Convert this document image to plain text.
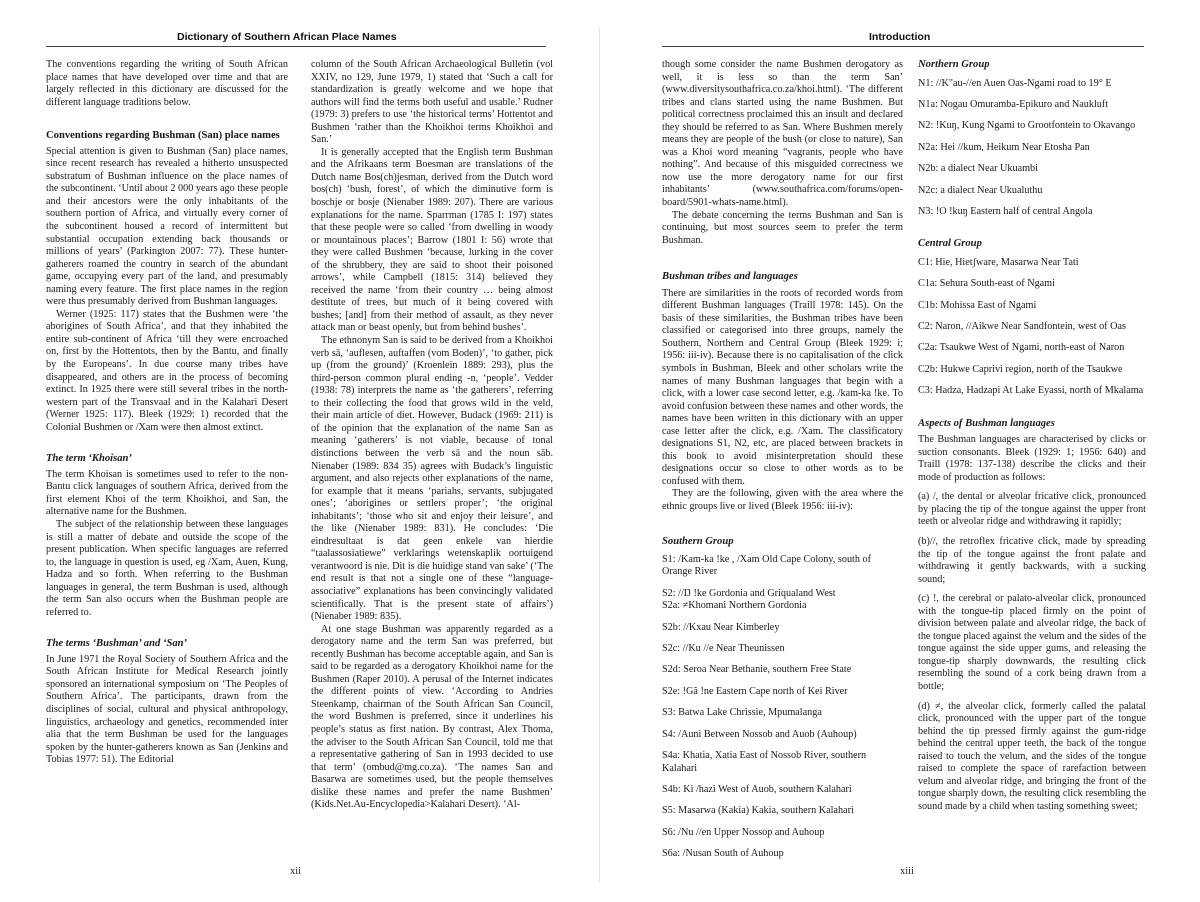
Dictionary of Southern African Place Names

The conventions regarding the writing of South African place names that have developed over time and that are largely reflected in this dictionary are discussed for the different language traditions below.

Conventions regarding Bushman (San) place names

Special attention is given to Bushman (San) place names, since recent research has revealed a hitherto unsuspected substratum of Bushman influence on the place names of the subcontinent. ‘Until about 2 000 years ago these people and their ancestors were the only inhabitants of the southern portion of Africa, and virtually every corner of the subcontinent housed a record of intermittent but substantial occupation extending back thousands or millions of years’ (Parkington 2007: 77). These hunter-gatherers roamed the country in search of the abundant game, occupying every part of the land, and presumably naming every feature. The first place names in the region were thus presumably derived from Bushman languages.

Werner (1925: 117) states that the Bushmen were ‘the aborigines of South Africa’, and that they inhabited the entire sub-continent of Africa ‘till they were encroached on, first by the Hottentots, then by the Bantu, and finally by the Europeans’. In due course many tribes have disappeared, and others are in the process of becoming extinct. In 1925 there were still several tribes in the north-western part of the Transvaal and in the Kalahari Desert (Werner 1925: 117). Bleek (1929: 1) recorded that the Colonial Bushmen or /Xam were then almost extinct.

The term ‘Khoisan’

The term Khoisan is sometimes used to refer to the non-Bantu click languages of southern Africa, derived from the first element Khoi of the term Khoikhoi, and San, the alternative name for the Bushmen.

The subject of the relationship between these languages is still a matter of debate and outside the scope of the present publication. When specific languages are referred to, the language in question is used, eg /Xam, Auen, Kung, Hadza and so forth. When referring to the Bushman languages in general, the term Bushman is used, although the term San also occurs when the Bushman people are referred to.

The terms ‘Bushman’ and ‘San’

In June 1971 the Royal Society of Southern Africa and the South African Institute for Medical Research jointly sponsored an international symposium on ‘The Peoples of Southern Africa’. The participants, drawn from the disciplines of social, cultural and physical anthropology, linguistics, archaeology and genetics, recommended inter alia that the term Bushman be used for the languages spoken by the hunter-gatherers known as San (Jenkins and Tobias 1977: 51). The Editorial

column of the South African Archaeological Bulletin (vol XXIV, no 129, June 1979, 1) stated that ‘Such a call for standardization is greatly welcome and we hope that authors will find the terms both useful and usable.’ Rudner (1979: 3) prefers to use ‘the historical terms’ Hottentot and Bushmen ‘rather than the Khoikhoi terms Khoikhoi and San.’

It is generally accepted that the English term Bushman and the Afrikaans term Boesman are translations of the Dutch name Bos(ch)jesman, derived from the Dutch word bos(ch) ‘bush, forest’, of which the diminutive form is boschje or bosje (Nienaber 1989: 207). There are various explanations for the name. Sparrman (1785 I: 197) states that these people were so called ‘from dwelling in woody or mountainous places’; Barrow (1801 I: 56) wrote that they were called Bushmen ‘because, lurking in the cover of the shrubbery, they are said to shoot their poisoned arrows’, while Campbell (1815: 314) believed they received the name ‘from their country … being almost destitute of trees, but much of it being covered with bushes; [and] from their method of assault, as they never attack man or beast openly, but from behind bushes’.

The ethnonym San is said to be derived from a Khoikhoi verb sā, ‘auflesen, auftaffen (vom Boden)’, ‘to gather, pick up (from the ground)’ (Kroenlein 1889: 293), plus the third-person common plural ending -n, ‘people’. Vedder (1938: 78) interprets the name as ‘the gatherers’, referring to their collecting the food that grows wild in the veld, their main article of diet. However, Budack (1969: 211) is of the opinion that the explanation of the name San as meaning ‘gatherers’ is not viable, because of tonal distinctions between the verb sā and the noun sāb. Nienaber (1989: 834 35) agrees with Budack’s linguistic argument, and also rejects other explanations of the name, for example that it means ‘pariahs, servants, subjugated ones’; ‘aborigines or settlers proper’; ‘the original inhabitants’; ‘those who sit and enjoy their leisure’, and the like (Nienaber 1989: 831). He concludes: ‘Die eindresultaat is dat geen enkele van hierdie “taalassosiatiewe” verklarings wetenskaplik oortuigend verantwoord is nie. Dit is die huidige stand van sake’ (‘The end result is that not a single one of these “language-associative” explanations has been convincingly validated scientifically. That is the present state of affairs’) (Nienaber 1989: 835).

At one stage Bushman was apparently regarded as a derogatory name and the term San was preferred, but recently Bushman has become acceptable again, and San is said to be regarded as a derogatory Khoikhoi name for the Bushmen (Raper 2010). A perusal of the Internet indicates the different points of view. ‘According to Andries Steenkamp, chairman of the South African San Council, the word Bushmen is preferred, since it underlines his people’s status as first nation. By contrast, Alex Thoma, the adviser to the South African San Council, told me that a representative gathering of San in 1993 decided to use that term’ (ombud@mg.co.za). ‘The names San and Basarwa are sometimes used, but the people themselves dislike these names and prefer the name Bushmen’ (Kids.Net.Au-Encyclopedia>Kalahari Desert). ‘Al-

xii
Introduction

though some consider the name Bushmen derogatory as well, it is less so than the term San’ (www.diversitysouthafrica.co.za/khoi.html). ‘The different tribes and clans started using the name Bushmen. But political correctness proclaimed this an insult and declared they should be referred to as San. Where Bushmen merely means they are people of the bush (or close to nature), San was a Khoi word meaning “vagrants, people who have nothing”. And because of this misguided correctness we now use the more derogatory name for our first inhabitants’ (www.southafrica.com/forums/open-board/5901-whats-name.html).

The debate concerning the terms Bushman and San is continuing, but most sources seem to prefer the term Bushman.

Bushman tribes and languages

There are similarities in the roots of recorded words from different Bushman languages (Traill 1978: 145). On the basis of these similarities, the Bushman tribes have been classified or categorised into three groups, namely the Southern, Northern and Central Group (Bleek 1929: i; 1956: iii-iv). Because there is no capitalisation of the click symbols in Bushman, Bleek and other scholars write the names of many Bushman languages that begin with a click, with a lower case second letter, e.g. /kam-ka !ke. To avoid confusion between these names and other words, the names have been written in this dictionary with an upper case letter after the click, e.g. /Xam. The classificatory designations S1, N2, etc, are placed between brackets in this book to avoid misinterpretation should these designations occur so close to other words as to be confused with them.

They are the following, given with the area where the ethnic groups live or lived (Bleek 1956: iii-iv):

Southern Group
S1: /Kam-ka !ke , /Xam Old Cape Colony, south of Orange River
S2: //Ŋ !ke Gordonia and Griqualand West
S2a: ≠Khomani Northern Gordonia
S2b: //Kxau Near Kimberley
S2c: //Ku //e Near Theunissen
S2d: Seroa Near Bethanie, southern Free State
S2e: !Gã !ne Eastern Cape north of Kei River
S3: Batwa Lake Chrissie, Mpumalanga
S4: /Auni Between Nossob and Auob (Auhoup)
S4a: Khatia, Xatia East of Nossob River, southern Kalahari
S4b: Ki /hazi West of Auob, southern Kalahari
S5: Masarwa (Kakia) Kakia, southern Kalahari
S6: /Nu //en Upper Nossop and Auhoup
S6a: /Nusan South of Auhoup
Northern Group
N1: //K"au-//en Auen Oas-Ngami road to 19° E
N1a: Nogau Omuramba-Epikuro and Naukluft
N2: !Kuŋ, Kung Ngami to Grootfontein to Okavango
N2a: Hei //kum, Heikum Near Etosha Pan
N2b: a dialect Near Ukuambi
N2c: a dialect Near Ukualuthu
N3: !O !kuŋ Eastern half of central Angola
Central Group
C1: Hie, Hietʃware, Masarwa Near Tati
C1a: Sehura South-east of Ngami
C1b: Mohissa East of Ngami
C2: Naron, //Aikwe Near Sandfontein, west of Oas
C2a: Tsaukwe West of Ngami, north-east of Naron
C2b: Hukwe Caprivi region, north of the Tsaukwe
C3: Hadza, Hadzapi At Lake Eyassi, north of Mkalama
Aspects of Bushman languages

The Bushman languages are characterised by clicks or suction consonants. Bleek (1929: 1; 1956: 640) and Traill (1978: 137-138) describe the clicks and their mode of production as follows:

(a) /, the dental or alveolar fricative click, pronounced by placing the tip of the tongue against the upper front teeth or alveolar ridge and withdrawing it rapidly;

(b)//, the retroflex fricative click, made by spreading the tip of the tongue against the front palate and withdrawing it gently backwards, with a sucking sound;

(c) !, the cerebral or palato-alveolar click, pronounced with the tongue-tip placed firmly on the point of division between palate and alveolar ridge, the back of the tongue placed against the velum and the sides of the tongue against the side upper gums, and releasing the tongue-tip sharply downwards, the resulting click resembling the sound of a cork being drawn from a bottle;

(d) ≠, the alveolar click, formerly called the palatal click, pronounced with the upper part of the tongue behind the tip pressed firmly against the gum-ridge behind the central upper teeth, the back of the tongue raised to touch the velum, and the sides of the tongue raised to complete the space of rarefaction between velum and alveolar ridge, and bringing the front of the tongue sharply down, the resulting click resembling the sound made by a child when tasting something sweet;

xiii
